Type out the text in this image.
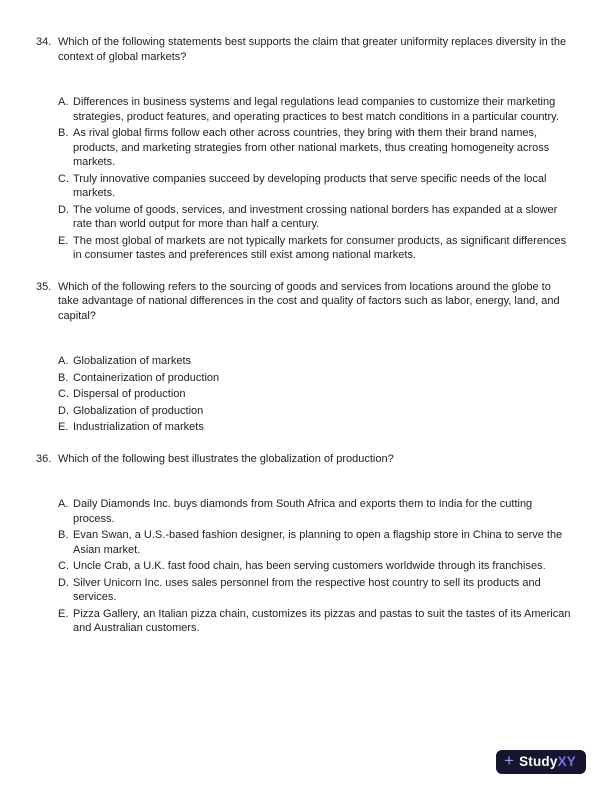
34. Which of the following statements best supports the claim that greater uniformity replaces diversity in the context of global markets?
A. Differences in business systems and legal regulations lead companies to customize their marketing strategies, product features, and operating practices to best match conditions in a particular country.
B. As rival global firms follow each other across countries, they bring with them their brand names, products, and marketing strategies from other national markets, thus creating homogeneity across markets.
C. Truly innovative companies succeed by developing products that serve specific needs of the local markets.
D. The volume of goods, services, and investment crossing national borders has expanded at a slower rate than world output for more than half a century.
E. The most global of markets are not typically markets for consumer products, as significant differences in consumer tastes and preferences still exist among national markets.
35. Which of the following refers to the sourcing of goods and services from locations around the globe to take advantage of national differences in the cost and quality of factors such as labor, energy, land, and capital?
A. Globalization of markets
B. Containerization of production
C. Dispersal of production
D. Globalization of production
E. Industrialization of markets
36. Which of the following best illustrates the globalization of production?
A. Daily Diamonds Inc. buys diamonds from South Africa and exports them to India for the cutting process.
B. Evan Swan, a U.S.-based fashion designer, is planning to open a flagship store in China to serve the Asian market.
C. Uncle Crab, a U.K. fast food chain, has been serving customers worldwide through its franchises.
D. Silver Unicorn Inc. uses sales personnel from the respective host country to sell its products and services.
E. Pizza Gallery, an Italian pizza chain, customizes its pizzas and pastas to suit the tastes of its American and Australian customers.
+ StudyXY
